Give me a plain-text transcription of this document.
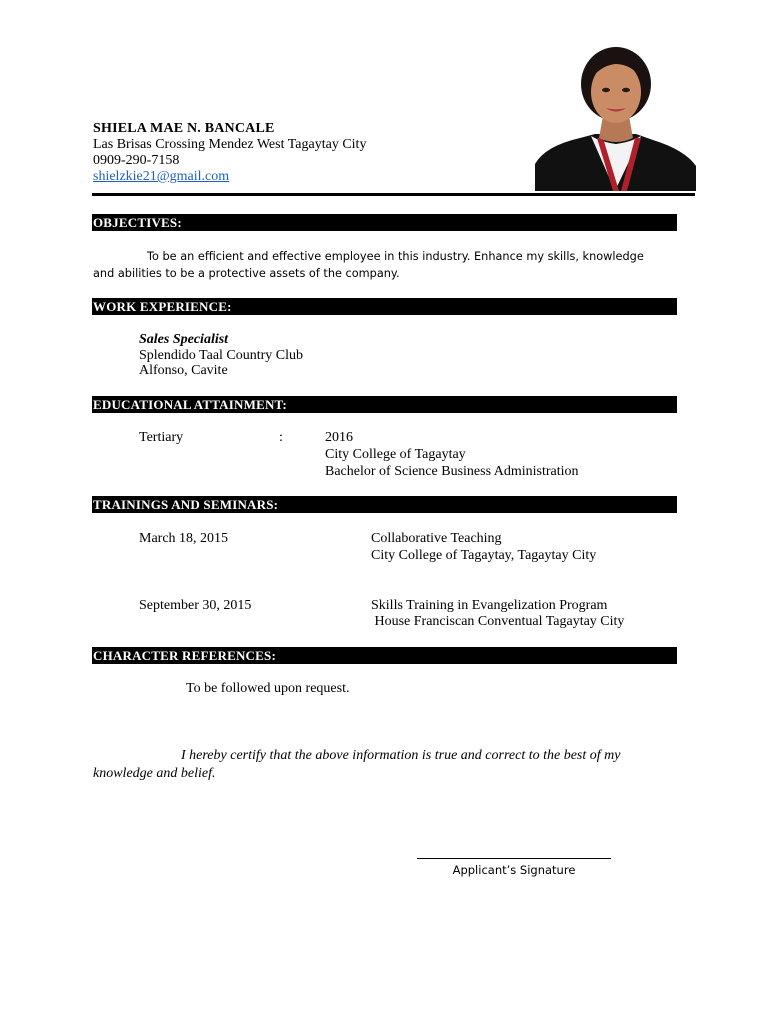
SHIELA MAE N. BANCALE
Las Brisas Crossing Mendez West Tagaytay City
0909-290-7158
shielzkie21@gmail.com
OBJECTIVES:
To be an efficient and effective employee in this industry. Enhance my skills, knowledge and abilities to be a protective assets of the company.
WORK EXPERIENCE:
Sales Specialist
Splendido Taal Country Club
Alfonso, Cavite
EDUCATIONAL ATTAINMENT:
Tertiary	:	2016
City College of Tagaytay
Bachelor of Science Business Administration
TRAININGS AND SEMINARS:
March 18, 2015	Collaborative Teaching
City College of Tagaytay, Tagaytay City
September 30, 2015	Skills Training in Evangelization Program
House Franciscan Conventual Tagaytay City
CHARACTER REFERENCES:
To be followed upon request.
I hereby certify that the above information is true and correct to the best of my knowledge and belief.
Applicant’s Signature
